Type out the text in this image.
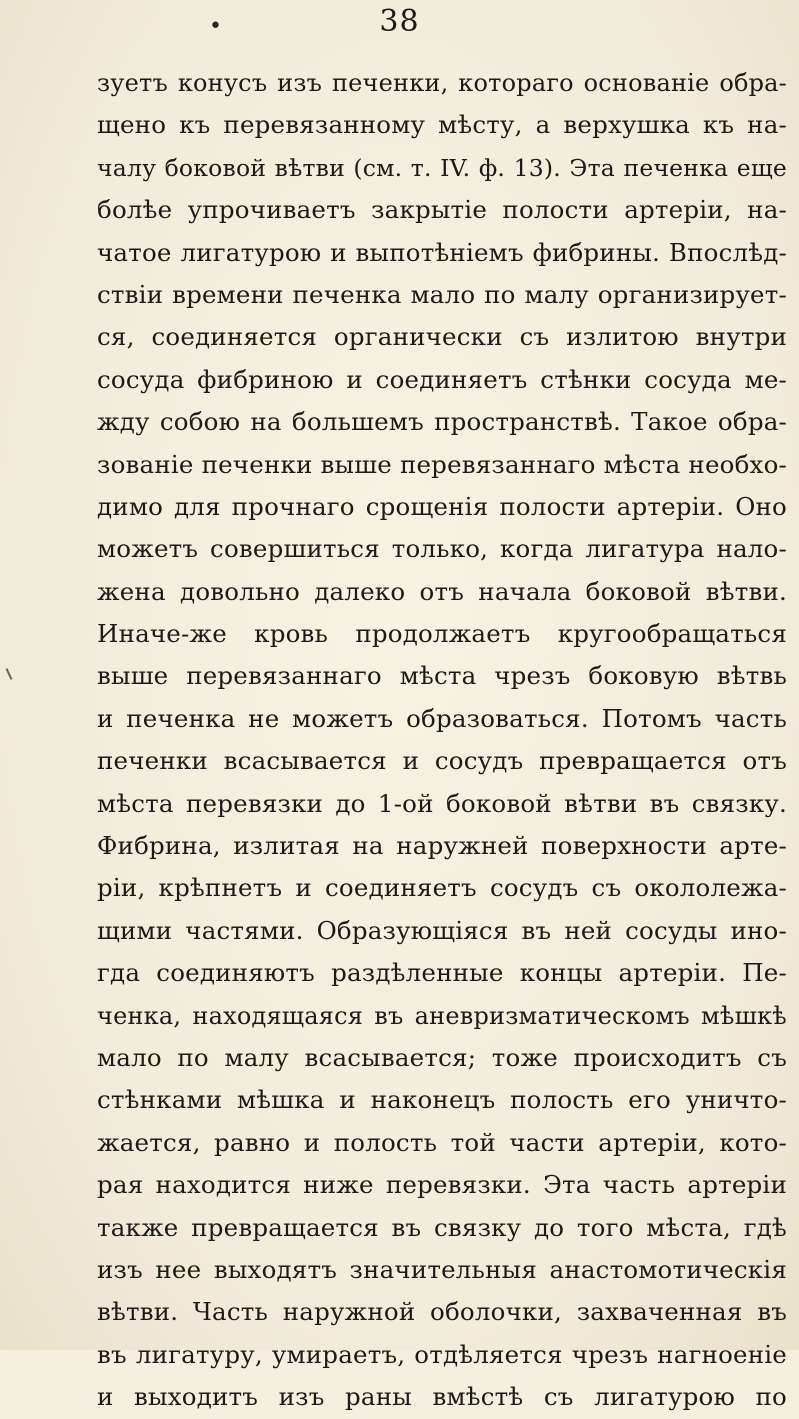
•	38
зуетъ конусъ изъ печенки, котораго основаніе обра-
щено къ перевязанному мѣсту, а верхушка къ на-
чалу боковой вѣтви (см. т. IV. ф. 13). Эта печенка еще
болѣе упрочиваетъ закрытіе полости артеріи, на-
чатое лигатурою и выпотѣніемъ фибрины. Впослѣд-
ствіи времени печенка мало по малу организирует-
ся, соединяется органически съ излитою внутри
сосуда фибриною и соединяетъ стѣнки сосуда ме-
жду собою на большемъ пространствѣ. Такое обра-
зованіе печенки выше перевязаннаго мѣста необхо-
димо для прочнаго срощенія полости артеріи. Оно
можетъ совершиться только, когда лигатура нало-
жена довольно далеко отъ начала боковой вѣтви.
Иначе-же кровь продолжаетъ кругообращаться
выше перевязаннаго мѣста чрезъ боковую вѣтвь
и печенка не можетъ образоваться. Потомъ часть
печенки всасывается и сосудъ превращается отъ
мѣста перевязки до 1-ой боковой вѣтви въ связку.
Фибрина, излитая на наружней поверхности арте-
ріи, крѣпнетъ и соединяетъ сосудъ съ окололежа-
щими частями. Образующіяся въ ней сосуды ино-
гда соединяютъ раздѣленные концы артеріи. Пе-
ченка, находящаяся въ аневризматическомъ мѣшкѣ
мало по малу всасывается; тоже происходитъ съ
стѣнками мѣшка и наконецъ полость его уничто-
жается, равно и полость той части артеріи, кото-
рая находится ниже перевязки. Эта часть артеріи
также превращается въ связку до того мѣста, гдѣ
изъ нее выходятъ значительныя анастомотическія
вѣтви. Часть наружной оболочки, захваченная въ
въ лигатуру, умираетъ, отдѣляется чрезъ нагноеніе
и выходитъ изъ раны вмѣстѣ съ лигатурою по
